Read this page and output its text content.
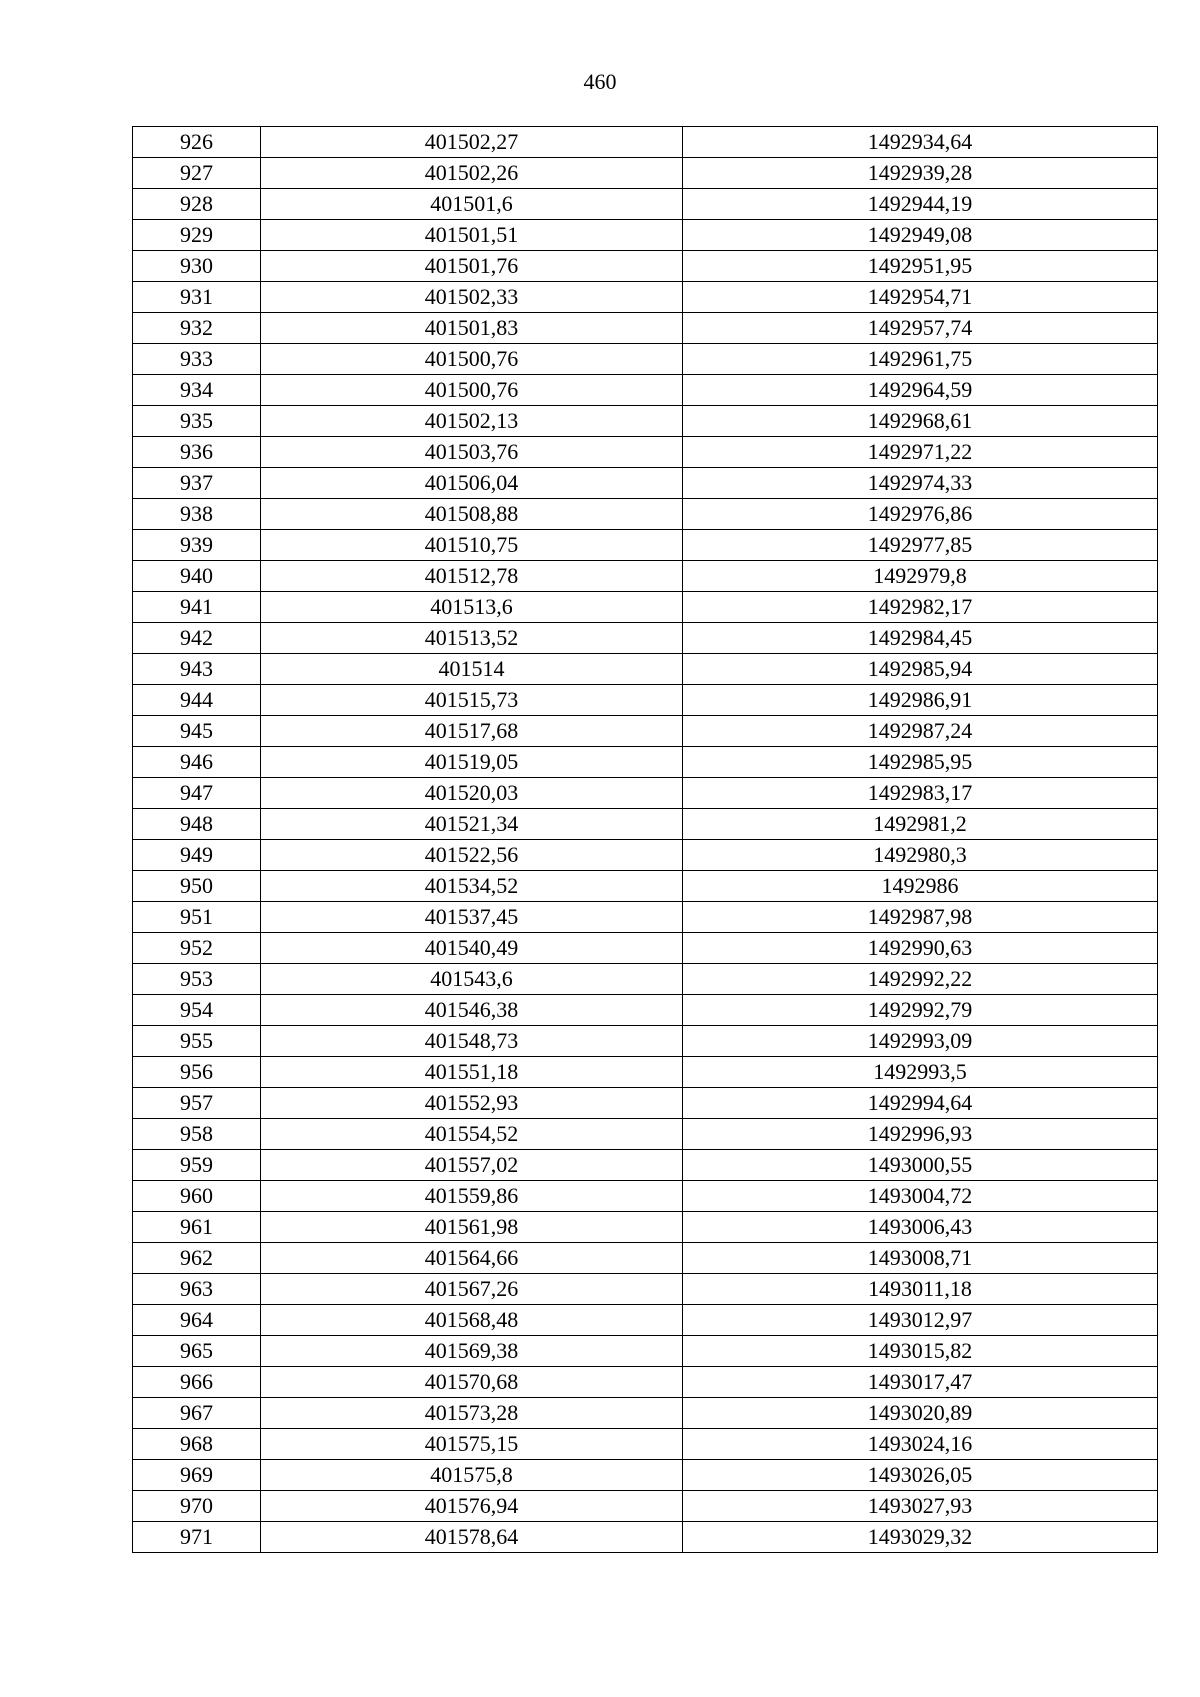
460
926	401502,27	1492934,64
927	401502,26	1492939,28
928	401501,6	1492944,19
929	401501,51	1492949,08
930	401501,76	1492951,95
931	401502,33	1492954,71
932	401501,83	1492957,74
933	401500,76	1492961,75
934	401500,76	1492964,59
935	401502,13	1492968,61
936	401503,76	1492971,22
937	401506,04	1492974,33
938	401508,88	1492976,86
939	401510,75	1492977,85
940	401512,78	1492979,8
941	401513,6	1492982,17
942	401513,52	1492984,45
943	401514	1492985,94
944	401515,73	1492986,91
945	401517,68	1492987,24
946	401519,05	1492985,95
947	401520,03	1492983,17
948	401521,34	1492981,2
949	401522,56	1492980,3
950	401534,52	1492986
951	401537,45	1492987,98
952	401540,49	1492990,63
953	401543,6	1492992,22
954	401546,38	1492992,79
955	401548,73	1492993,09
956	401551,18	1492993,5
957	401552,93	1492994,64
958	401554,52	1492996,93
959	401557,02	1493000,55
960	401559,86	1493004,72
961	401561,98	1493006,43
962	401564,66	1493008,71
963	401567,26	1493011,18
964	401568,48	1493012,97
965	401569,38	1493015,82
966	401570,68	1493017,47
967	401573,28	1493020,89
968	401575,15	1493024,16
969	401575,8	1493026,05
970	401576,94	1493027,93
971	401578,64	1493029,32
